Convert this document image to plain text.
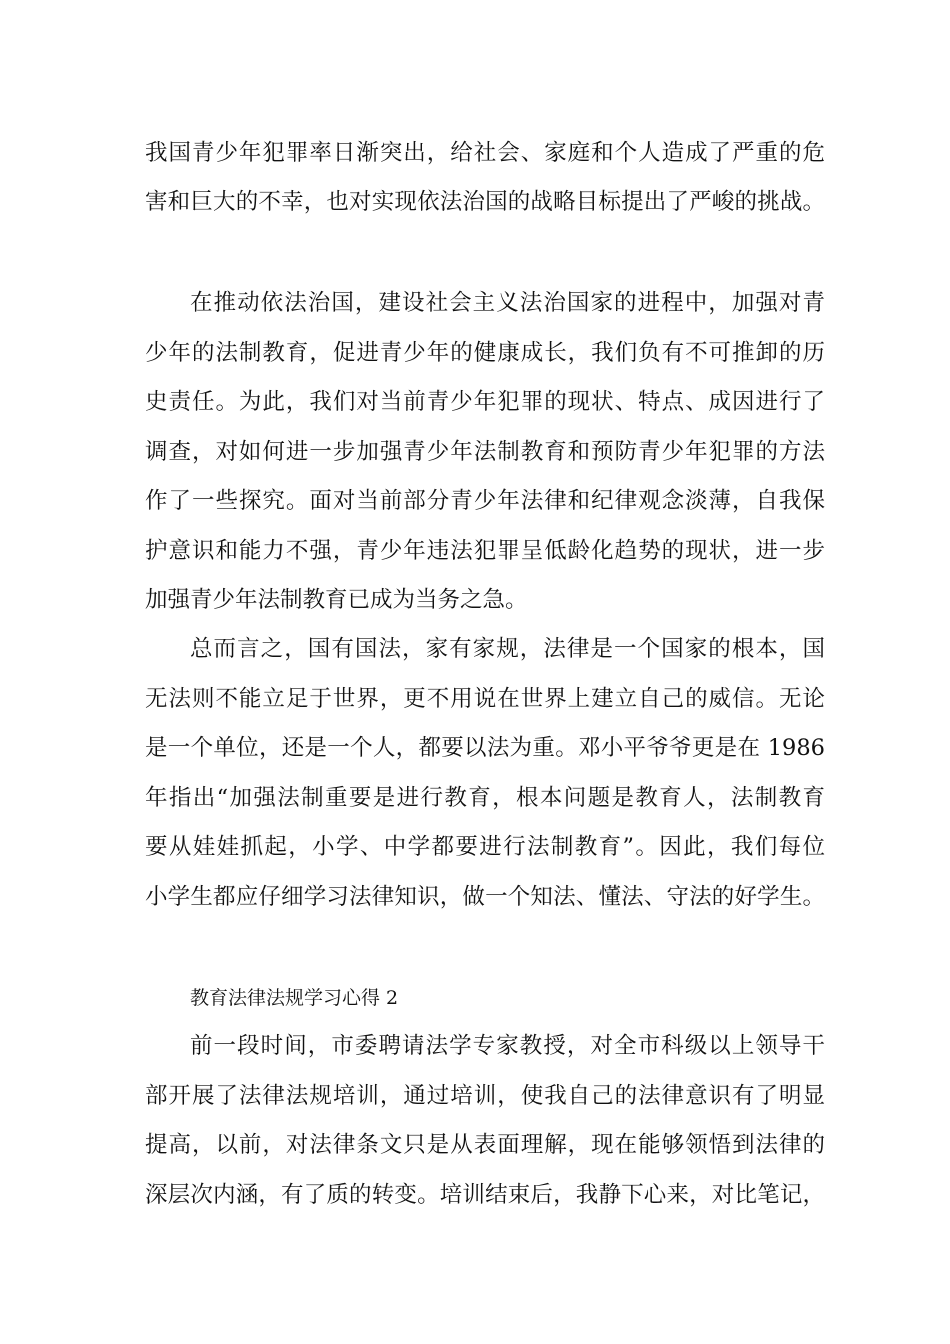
我国青少年犯罪率日渐突出，给社会、家庭和个人造成了严重的危
害和巨大的不幸，也对实现依法治国的战略目标提出了严峻的挑战。
在推动依法治国，建设社会主义法治国家的进程中，加强对青
少年的法制教育，促进青少年的健康成长，我们负有不可推卸的历
史责任。为此，我们对当前青少年犯罪的现状、特点、成因进行了
调查，对如何进一步加强青少年法制教育和预防青少年犯罪的方法
作了一些探究。面对当前部分青少年法律和纪律观念淡薄，自我保
护意识和能力不强，青少年违法犯罪呈低龄化趋势的现状，进一步
加强青少年法制教育已成为当务之急。
总而言之，国有国法，家有家规，法律是一个国家的根本，国
无法则不能立足于世界，更不用说在世界上建立自己的威信。无论
是一个单位，还是一个人，都要以法为重。邓小平爷爷更是在 1986
年指出“加强法制重要是进行教育，根本问题是教育人，法制教育
要从娃娃抓起，小学、中学都要进行法制教育”。因此，我们每位
小学生都应仔细学习法律知识，做一个知法、懂法、守法的好学生。
教育法律法规学习心得 2
前一段时间，市委聘请法学专家教授，对全市科级以上领导干
部开展了法律法规培训，通过培训，使我自己的法律意识有了明显
提高，以前，对法律条文只是从表面理解，现在能够领悟到法律的
深层次内涵，有了质的转变。培训结束后，我静下心来，对比笔记，
